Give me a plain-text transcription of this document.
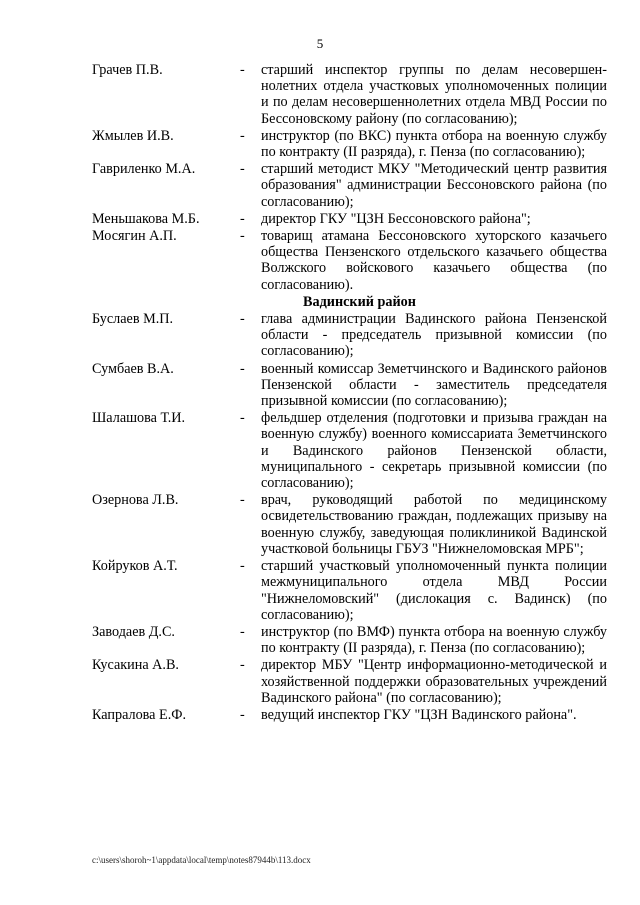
5
Грачев П.В.	-	старший инспектор группы по делам несовершеннолетних отдела участковых уполномоченных полиции и по делам несовершеннолетних отдела МВД России по Бессоновскому району (по согласованию);
Жмылев И.В.	-	инструктор (по ВКС) пункта отбора на военную службу по контракту (II разряда), г. Пенза (по согласованию);
Гавриленко М.А.	-	старший методист МКУ "Методический центр развития образования" администрации Бессоновского района (по согласованию);
Меньшакова М.Б.	-	директор ГКУ "ЦЗН Бессоновского района";
Мосягин А.П.	-	товарищ атамана Бессоновского хуторского казачьего общества Пензенского отдельского казачьего общества Волжского войскового казачьего общества (по согласованию).
Вадинский район
Буслаев М.П.	-	глава администрации Вадинского района Пензенской области - председатель призывной комиссии (по согласованию);
Сумбаев В.А.	-	военный комиссар Земетчинского и Вадинского районов Пензенской области - заместитель председателя призывной комиссии (по согласованию);
Шалашова Т.И.	-	фельдшер отделения (подготовки и призыва граждан на военную службу) военного комиссариата Земетчинского и Вадинского районов Пензенской области, муниципального - секретарь призывной комиссии (по согласованию);
Озернова Л.В.	-	врач, руководящий работой по медицинскому освидетельствованию граждан, подлежащих призыву на военную службу, заведующая поликлиникой Вадинской участковой больницы ГБУЗ "Нижнеломовская МРБ";
Койруков А.Т.	-	старший участковый уполномоченный пункта полиции межмуниципального отдела МВД России "Нижнеломовский" (дислокация с. Вадинск) (по согласованию);
Заводаев Д.С.	-	инструктор (по ВМФ) пункта отбора на военную службу по контракту (II разряда), г. Пенза (по согласованию);
Кусакина А.В.	-	директор МБУ "Центр информационно-методической и хозяйственной поддержки образовательных учреждений Вадинского района" (по согласованию);
Капралова Е.Ф.	-	ведущий инспектор ГКУ "ЦЗН Вадинского района".
c:\users\shoroh~1\appdata\local\temp\notes87944b\113.docx
